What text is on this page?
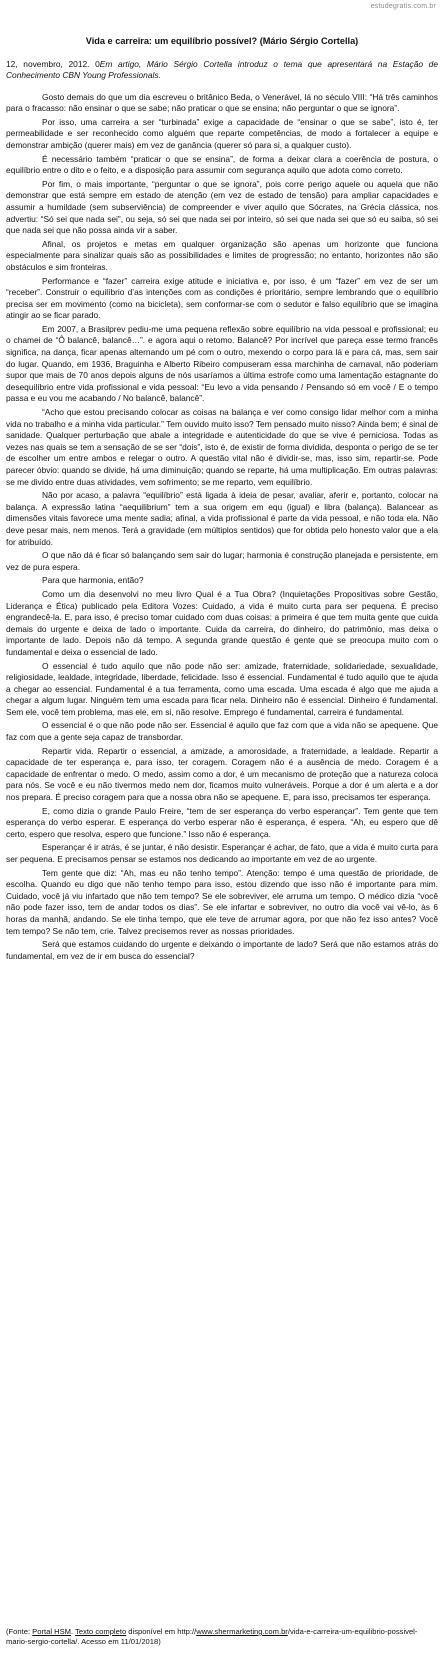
estudegratis.com.br
Vida e carreira: um equilíbrio possível? (Mário Sérgio Cortella)
12, novembro, 2012. 0Em artigo, Mário Sérgio Cortella introduz o tema que apresentará na Estação de Conhecimento CBN Young Professionals.

Gosto demais do que um dia escreveu o britânico Beda, o Venerável, lá no século VIII: “Há três caminhos para o fracasso: não ensinar o que se sabe; não praticar o que se ensina; não perguntar o que se ignora”.

Por isso, uma carreira a ser “turbinada” exige a capacidade de “ensinar o que se sabe”, isto é, ter permeabilidade e ser reconhecido como alguém que reparte competências, de modo a fortalecer a equipe e demonstrar ambição (querer mais) em vez de ganância (querer só para si, a qualquer custo).

É necessário também “praticar o que se ensina”, de forma a deixar clara a coerência de postura, o equilíbrio entre o dito e o feito, e a disposição para assumir com segurança aquilo que adota como correto.

Por fim, o mais importante, “perguntar o que se ignora”, pois corre perigo aquele ou aquela que não demonstrar que está sempre em estado de atenção (em vez de estado de tensão) para ampliar capacidades e assumir a humildade (sem subserviência) de compreender e viver aquilo que Sócrates, na Grécia clássica, nos advertiu: “Só sei que nada sei”, ou seja, só sei que nada sei por inteiro, só sei que nada sei que só eu saiba, só sei que nada sei que não possa ainda vir a saber.

Afinal, os projetos e metas em qualquer organização são apenas um horizonte que funciona especialmente para sinalizar quais são as possibilidades e limites de progressão; no entanto, horizontes não são obstáculos e sim fronteiras.

Performance e “fazer” carreira exige atitude e iniciativa e, por isso, é um “fazer” em vez de ser um “receber”. Construir o equilíbrio d’as intenções com as condições é prioritário, sempre lembrando que o equilíbrio precisa ser em movimento (como na bicicleta), sem conformar-se com o sedutor e falso equilíbrio que se imagina atingir ao se ficar parado.

Em 2007, a Brasilprev pediu-me uma pequena reflexão sobre equilíbrio na vida pessoal e profissional; eu o chamei de “Ô balancê, balancê…”. e agora aqui o retomo. Balancê? Por incrível que pareça esse termo francês significa, na dança, ficar apenas alternando um pé com o outro, mexendo o corpo para lá e para cá, mas, sem sair do lugar. Quando, em 1936, Braguinha e Alberto Ribeiro compuseram essa marchinha de carnaval, não poderiam supor que mais de 70 anos depois alguns de nós usaríamos a última estrofe como uma lamentação estagnante do desequilíbrio entre vida profissional e vida pessoal: “Eu levo a vida pensando / Pensando só em você / E o tempo passa e eu vou me acabando / No balancê, balancê”.

“Acho que estou precisando colocar as coisas na balança e ver como consigo lidar melhor com a minha vida no trabalho e a minha vida particular.” Tem ouvido muito isso? Tem pensado muito nisso? Ainda bem; é sinal de sanidade. Qualquer perturbação que abale a integridade e autenticidade do que se vive é perniciosa. Todas as vezes nas quais se tem a sensação de se ser “dois”, isto é, de existir de forma dividida, desponta o perigo de se ter de escolher um entre ambos e relegar o outro. A questão vital não é dividir-se, mas, isso sim, repartir-se. Pode parecer óbvio: quando se divide, há uma diminuição; quando se reparte, há uma multiplicação. Em outras palavras: se me divido entre duas atividades, vem sofrimento; se me reparto, vem equilíbrio.

Não por acaso, a palavra “equilíbrio” está ligada à ideia de pesar, avaliar, aferir e, portanto, colocar na balança. A expressão latina “aequilibrium” tem a sua origem em equ (igual) e libra (balança). Balancear as dimensões vitais favorece uma mente sadia; afinal, a vida profissional é parte da vida pessoal, e não toda ela. Não deve pesar mais, nem menos. Terá a gravidade (em múltiplos sentidos) que for obtida pelo honesto valor que a ela for atribuído.

O que não dá é ficar só balançando sem sair do lugar; harmonia é construção planejada e persistente, em vez de pura espera.

Para que harmonia, então?

Como um dia desenvolvi no meu livro Qual é a Tua Obra? (Inquietações Propositivas sobre Gestão, Liderança e Ética) publicado pela Editora Vozes: Cuidado, a vida é muito curta para ser pequena. É preciso engrandecê-la. E, para isso, é preciso tomar cuidado com duas coisas: a primeira é que tem muita gente que cuida demais do urgente e deixa de lado o importante. Cuida da carreira, do dinheiro, do patrimônio, mas deixa o importante de lado. Depois não dá tempo. A segunda grande questão é gente que se preocupa muito com o fundamental e deixa o essencial de lado.

O essencial é tudo aquilo que não pode não ser: amizade, fraternidade, solidariedade, sexualidade, religiosidade, lealdade, integridade, liberdade, felicidade. Isso é essencial. Fundamental é tudo aquilo que te ajuda a chegar ao essencial. Fundamental é a tua ferramenta, como uma escada. Uma escada é algo que me ajuda a chegar a algum lugar. Ninguém tem uma escada para ficar nela. Dinheiro não é essencial. Dinheiro é fundamental. Sem ele, você tem problema, mas ele, em si, não resolve. Emprego é fundamental, carreira é fundamental.

O essencial é o que não pode não ser. Essencial é aquilo que faz com que a vida não se apequene. Que faz com que a gente seja capaz de transbordar.

Repartir vida. Repartir o essencial, a amizade, a amorosidade, a fraternidade, a lealdade. Repartir a capacidade de ter esperança e, para isso, ter coragem. Coragem não é a ausência de medo. Coragem é a capacidade de enfrentar o medo. O medo, assim como a dor, é um mecanismo de proteção que a natureza coloca para nós. Se você e eu não tivermos medo nem dor, ficamos muito vulneráveis. Porque a dor é um alerta e a dor nos prepara. É preciso coragem para que a nossa obra não se apequene. E, para isso, precisamos ter esperança.

E, como dizia o grande Paulo Freire, “tem de ser esperança do verbo esperançar”. Tem gente que tem esperança do verbo esperar. E esperança do verbo esperar não é esperança, é espera. “Ah, eu espero que dê certo, espero que resolva, espero que funcione.” Isso não é esperança.

Esperançar é ir atrás, é se juntar, é não desistir. Esperançar é achar, de fato, que a vida é muito curta para ser pequena. E precisamos pensar se estamos nos dedicando ao importante em vez de ao urgente.

Tem gente que diz: “Ah, mas eu não tenho tempo”. Atenção: tempo é uma questão de prioridade, de escolha. Quando eu digo que não tenho tempo para isso, estou dizendo que isso não é importante para mim. Cuidado, você já viu infartado que não tem tempo? Se ele sobreviver, ele arruma um tempo. O médico dizia “você não pode fazer isso, tem de andar todos os dias”. Se ele infartar e sobreviver, no outro dia você vai vê-lo, às 6 horas da manhã, andando. Se ele tinha tempo, que ele teve de arrumar agora, por que não fez isso antes? Você tem tempo? Se não tem, crie. Talvez precisemos rever as nossas prioridades.

Será que estamos cuidando do urgente e deixando o importante de lado? Será que não estamos atrás do fundamental, em vez de ir em busca do essencial?

(Fonte: Portal HSM. Texto completo disponível em http://www.shermarketing.com.br/vida-e-carreira-um-equilibrio-possivel-mario-sergio-cortella/. Acesso em 11/01/2018)
